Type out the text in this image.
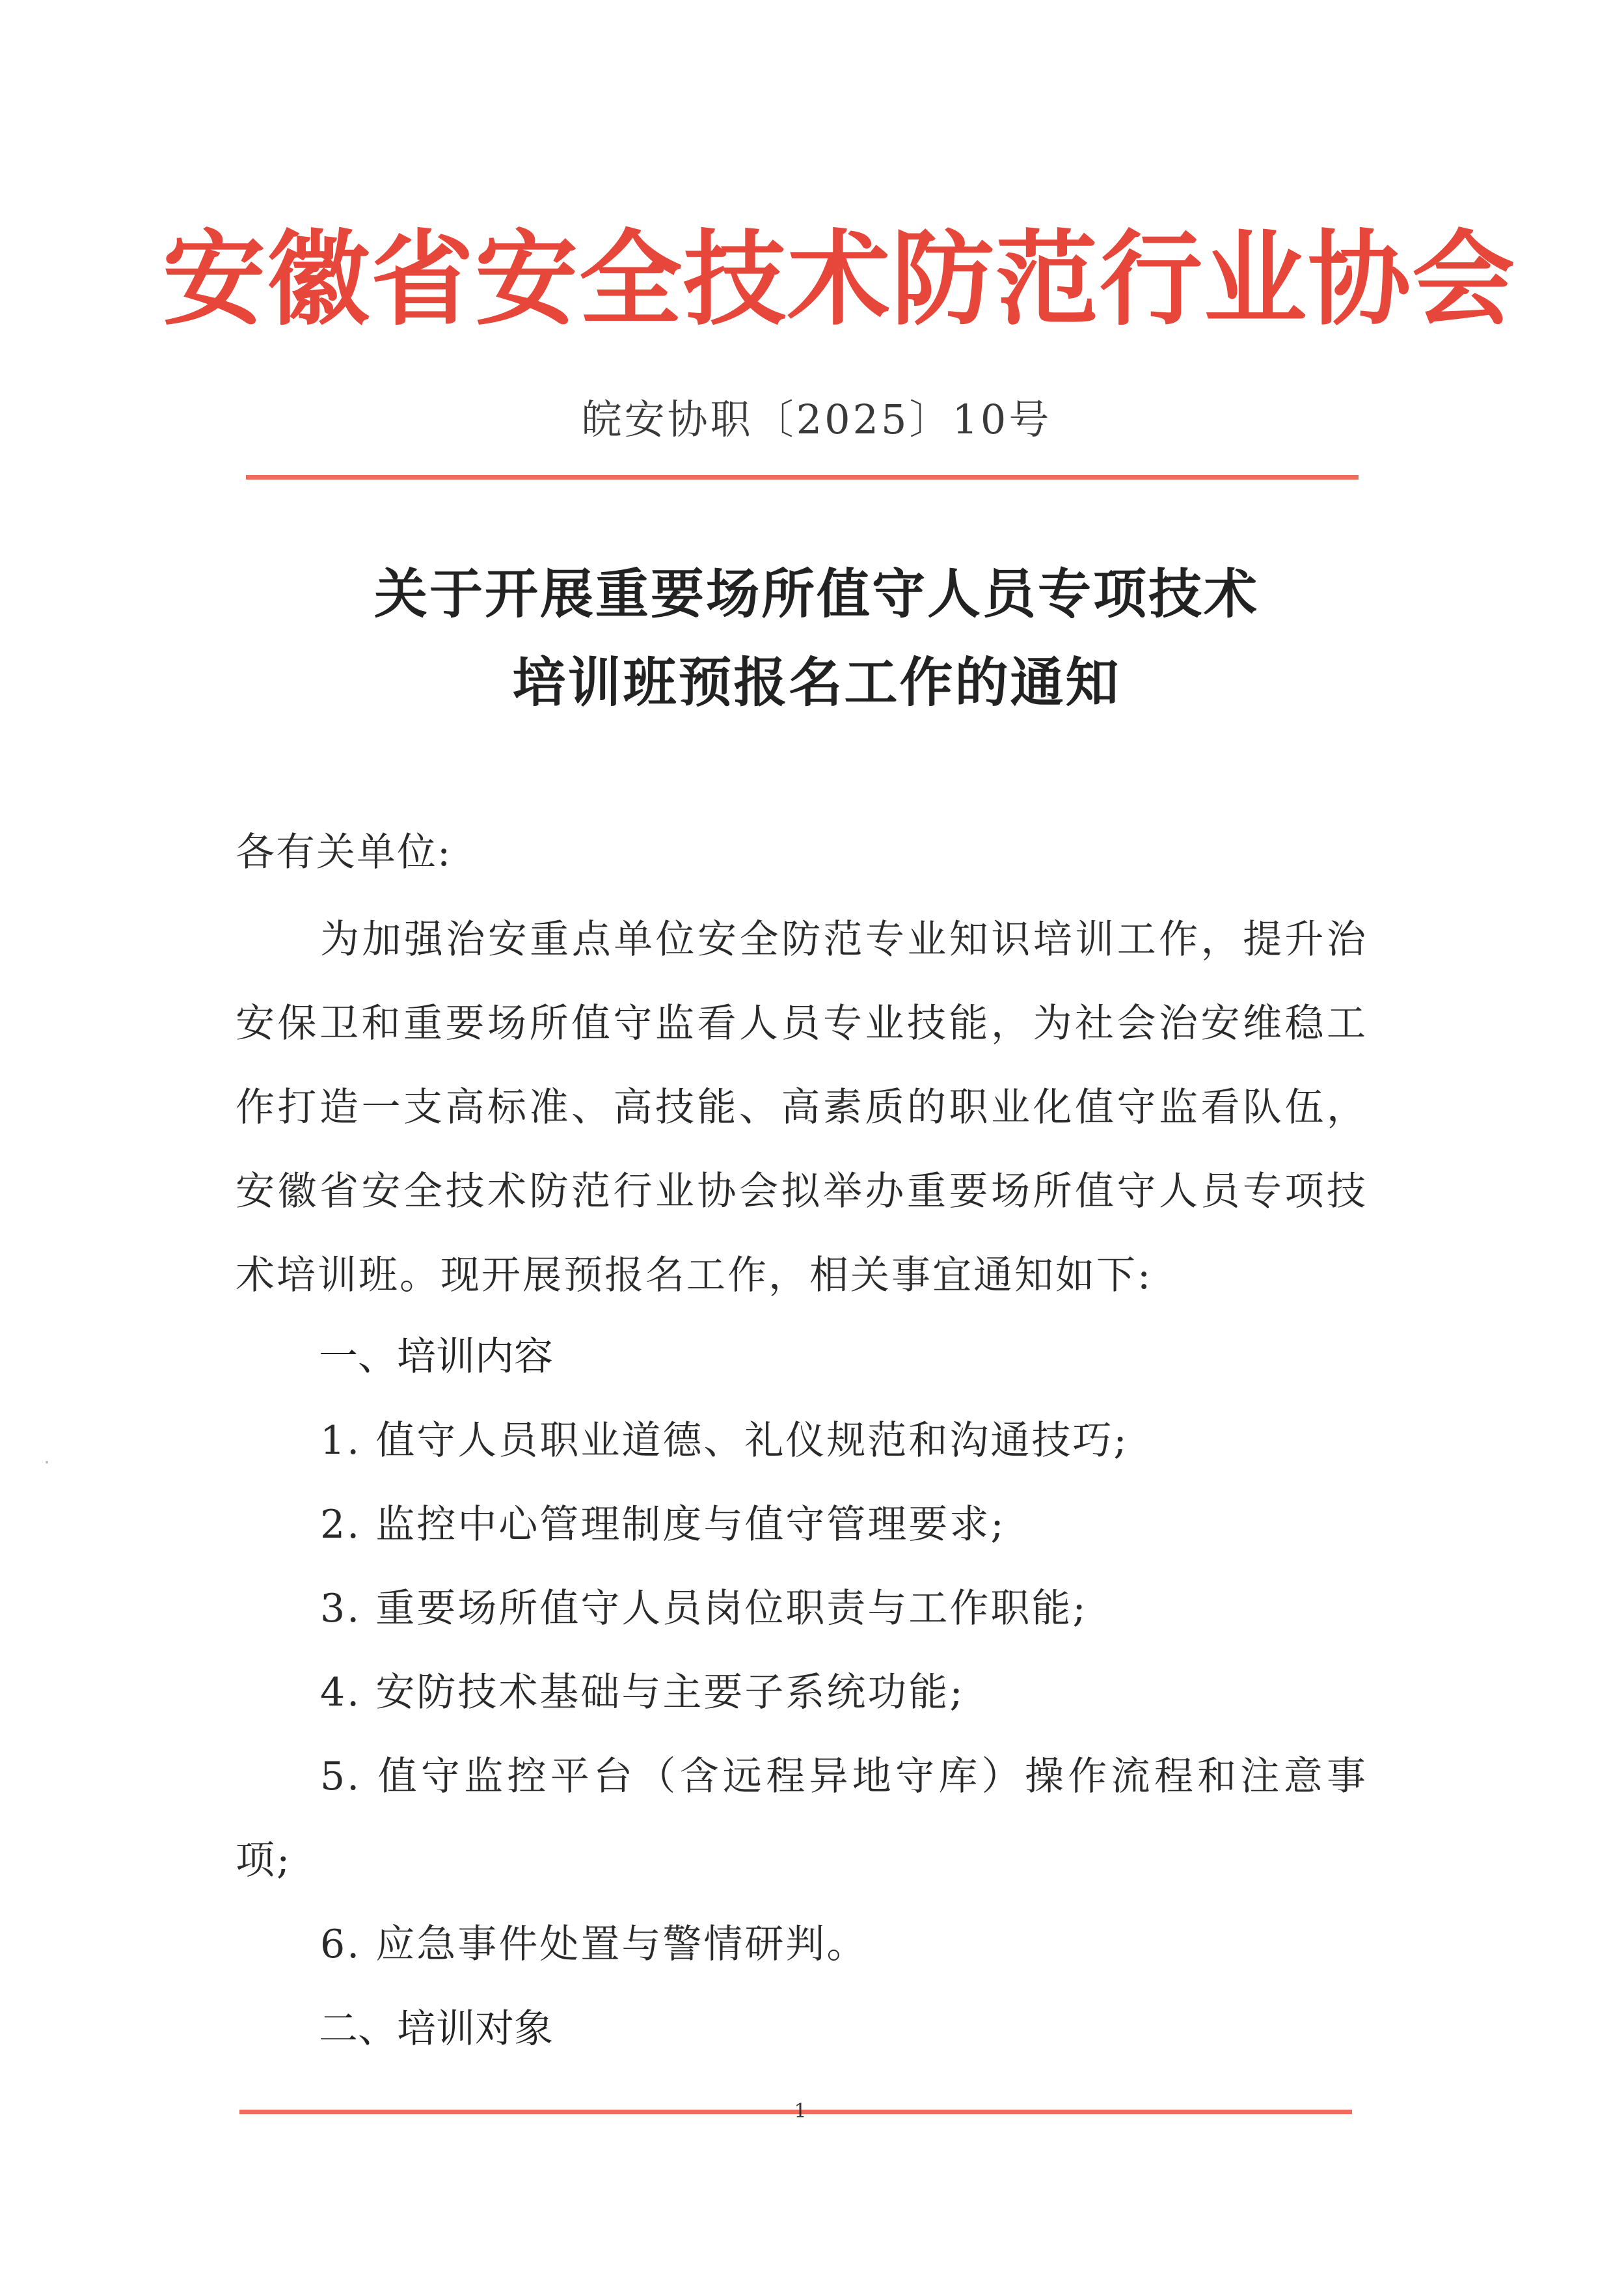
安徽省安全技术防范行业协会
皖安协职〔2025〕10号
关于开展重要场所值守人员专项技术
培训班预报名工作的通知
各有关单位:
为加强治安重点单位安全防范专业知识培训工作，提升治安保卫和重要场所值守监看人员专业技能，为社会治安维稳工作打造一支高标准、高技能、高素质的职业化值守监看队伍，安徽省安全技术防范行业协会拟举办重要场所值守人员专项技术培训班。现开展预报名工作，相关事宜通知如下:
一、培训内容
1. 值守人员职业道德、礼仪规范和沟通技巧;
2. 监控中心管理制度与值守管理要求;
3. 重要场所值守人员岗位职责与工作职能;
4. 安防技术基础与主要子系统功能;
5. 值守监控平台（含远程异地守库）操作流程和注意事项;
6. 应急事件处置与警情研判。
二、培训对象
1
